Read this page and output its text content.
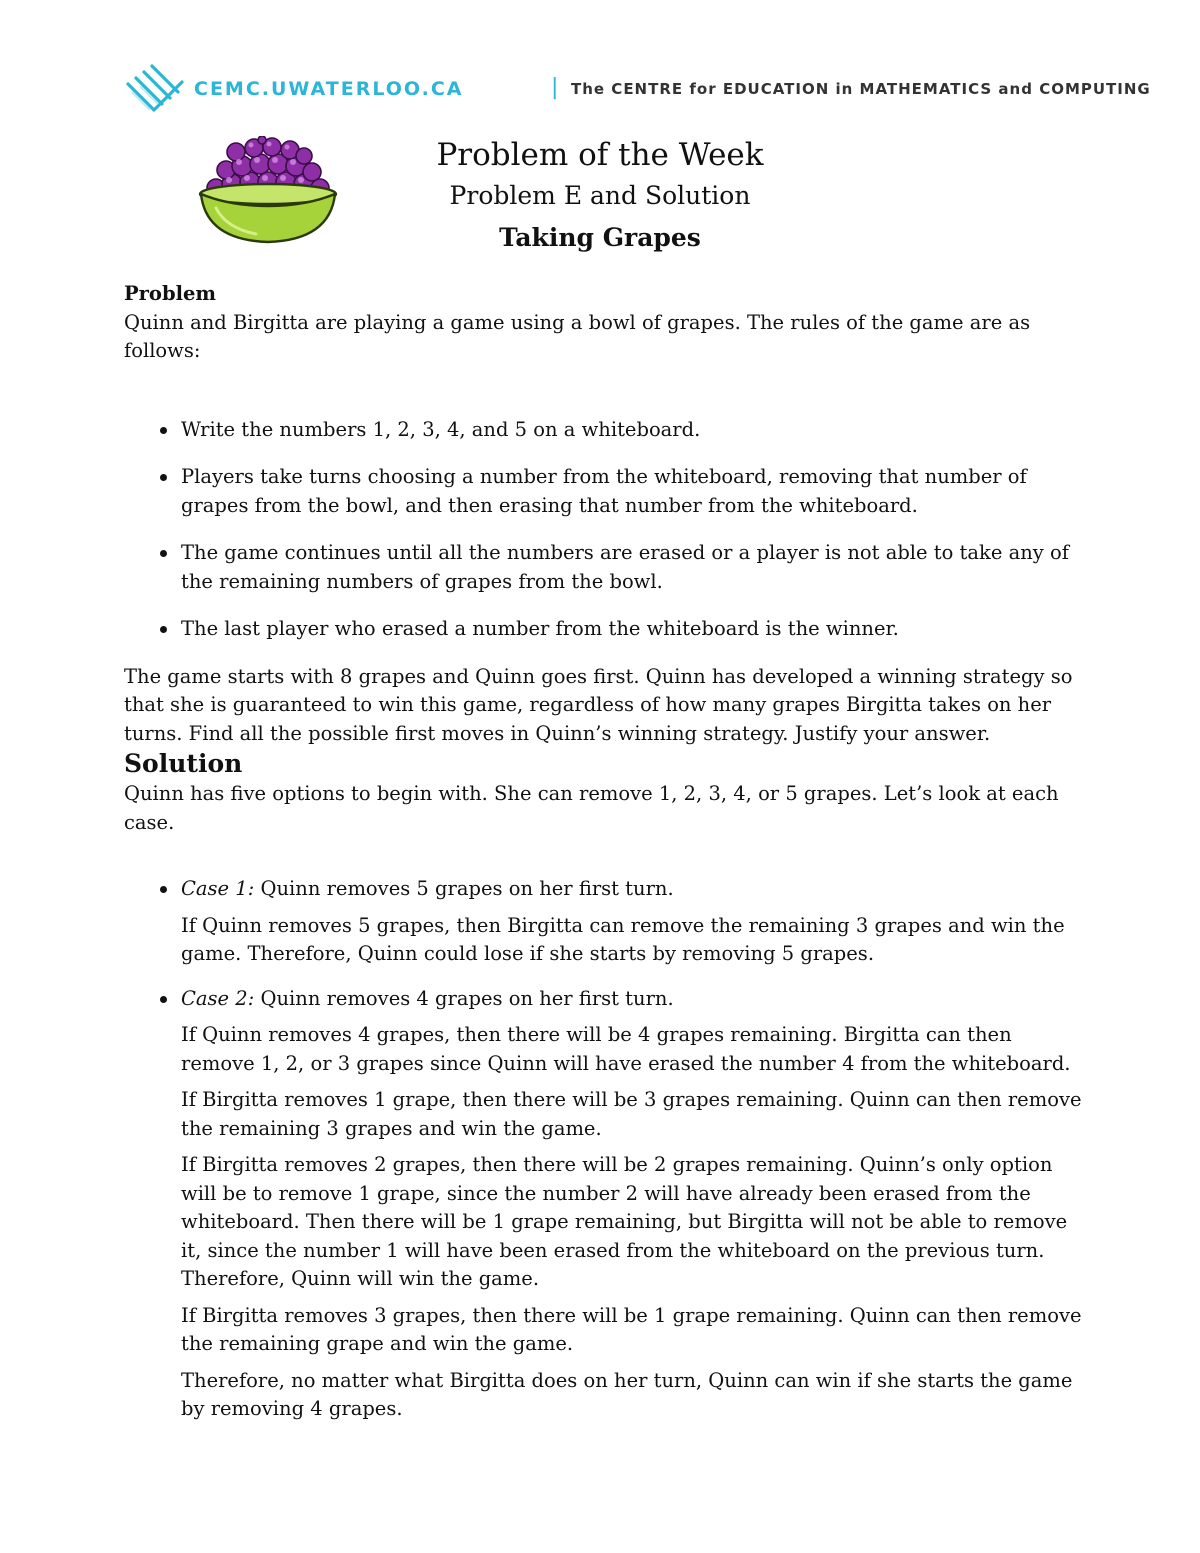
CEMC.UWATERLOO.CA	| The CENTRE for EDUCATION in MATHEMATICS and COMPUTING

Problem of the Week

Problem E and Solution

Taking Grapes

Problem

Quinn and Birgitta are playing a game using a bowl of grapes. The rules of the game are as follows:

Write the numbers 1, 2, 3, 4, and 5 on a whiteboard.
Players take turns choosing a number from the whiteboard, removing that number of grapes from the bowl, and then erasing that number from the whiteboard.
The game continues until all the numbers are erased or a player is not able to take any of the remaining numbers of grapes from the bowl.
The last player who erased a number from the whiteboard is the winner.

The game starts with 8 grapes and Quinn goes first. Quinn has developed a winning strategy so that she is guaranteed to win this game, regardless of how many grapes Birgitta takes on her turns. Find all the possible first moves in Quinn’s winning strategy. Justify your answer.

Solution

Quinn has five options to begin with. She can remove 1, 2, 3, 4, or 5 grapes. Let’s look at each case.

Case 1: Quinn removes 5 grapes on her first turn.

If Quinn removes 5 grapes, then Birgitta can remove the remaining 3 grapes and win the game. Therefore, Quinn could lose if she starts by removing 5 grapes.

Case 2: Quinn removes 4 grapes on her first turn.

If Quinn removes 4 grapes, then there will be 4 grapes remaining. Birgitta can then remove 1, 2, or 3 grapes since Quinn will have erased the number 4 from the whiteboard.

If Birgitta removes 1 grape, then there will be 3 grapes remaining. Quinn can then remove the remaining 3 grapes and win the game.

If Birgitta removes 2 grapes, then there will be 2 grapes remaining. Quinn’s only option will be to remove 1 grape, since the number 2 will have already been erased from the whiteboard. Then there will be 1 grape remaining, but Birgitta will not be able to remove it, since the number 1 will have been erased from the whiteboard on the previous turn. Therefore, Quinn will win the game.

If Birgitta removes 3 grapes, then there will be 1 grape remaining. Quinn can then remove the remaining grape and win the game.

Therefore, no matter what Birgitta does on her turn, Quinn can win if she starts the game by removing 4 grapes.
